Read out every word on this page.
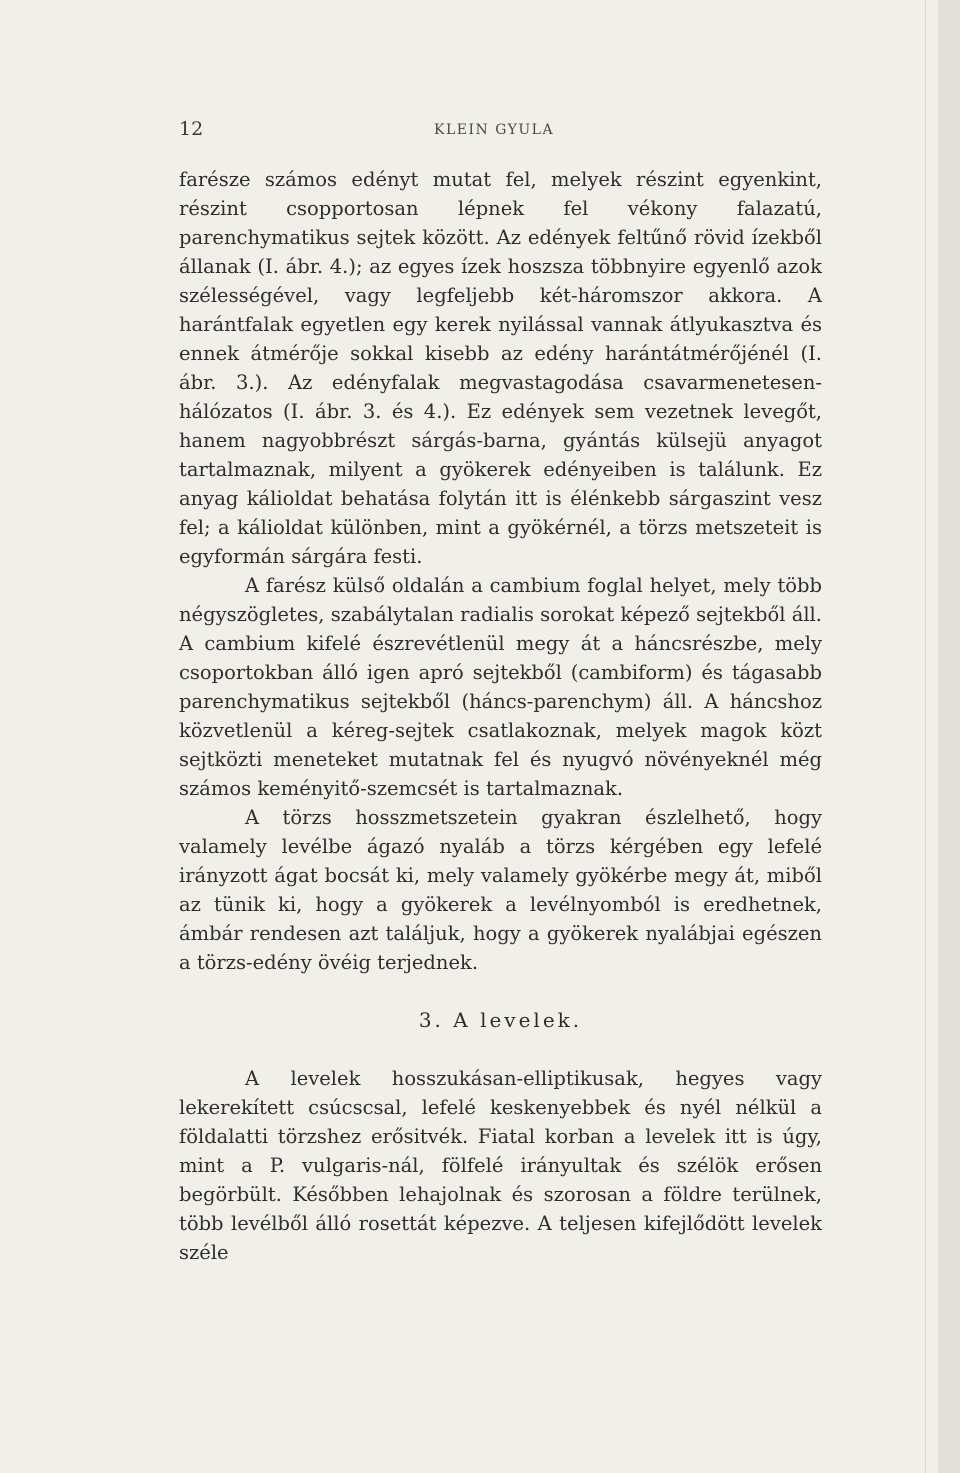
12	KLEIN GYULA

farésze számos edényt mutat fel, melyek részint egyenkint, részint csopportosan lépnek fel vékony falazatú, parenchymatikus sejtek között. Az edények feltűnő rövid ízekből állanak (I. ábr. 4.); az egyes ízek hoszsza többnyire egyenlő azok szélességével, vagy legfeljebb két-háromszor akkora. A harántfalak egyetlen egy kerek nyilással vannak átlyukasztva és ennek átmérője sokkal kisebb az edény harántátmérőjénél (I. ábr. 3.). Az edényfalak megvastagodása csavarmenetesen-hálózatos (I. ábr. 3. és 4.). Ez edények sem vezetnek levegőt, hanem nagyobbrészt sárgás-barna, gyántás külsejü anyagot tartalmaznak, milyent a gyökerek edényeiben is találunk. Ez anyag kálioldat behatása folytán itt is élénkebb sárgaszint vesz fel; a kálioldat különben, mint a gyökérnél, a törzs metszeteit is egyformán sárgára festi.

A farész külső oldalán a cambium foglal helyet, mely több négyszögletes, szabálytalan radialis sorokat képező sejtekből áll. A cambium kifelé észrevétlenül megy át a háncsrészbe, mely csoportokban álló igen apró sejtekből (cambiform) és tágasabb parenchymatikus sejtekből (háncs-parenchym) áll. A háncshoz közvetlenül a kéreg-sejtek csatlakoznak, melyek magok közt sejtközti meneteket mutatnak fel és nyugvó növényeknél még számos keményitő-szemcsét is tartalmaznak.

A törzs hosszmetszetein gyakran észlelhető, hogy valamely levélbe ágazó nyaláb a törzs kérgében egy lefelé irányzott ágat bocsát ki, mely valamely gyökérbe megy át, miből az tünik ki, hogy a gyökerek a levélnyomból is eredhetnek, ámbár rendesen azt találjuk, hogy a gyökerek nyalábjai egészen a törzs-edény övéig terjednek.

3. A levelek.

A levelek hosszukásan-elliptikusak, hegyes vagy lekerekített csúcscsal, lefelé keskenyebbek és nyél nélkül a földalatti törzshez erősitvék. Fiatal korban a levelek itt is úgy, mint a P. vulgaris-nál, fölfelé irányultak és szélök erősen begörbült. Későbben lehajolnak és szorosan a földre terülnek, több levélből álló rosettát képezve. A teljesen kifejlődött levelek széle
